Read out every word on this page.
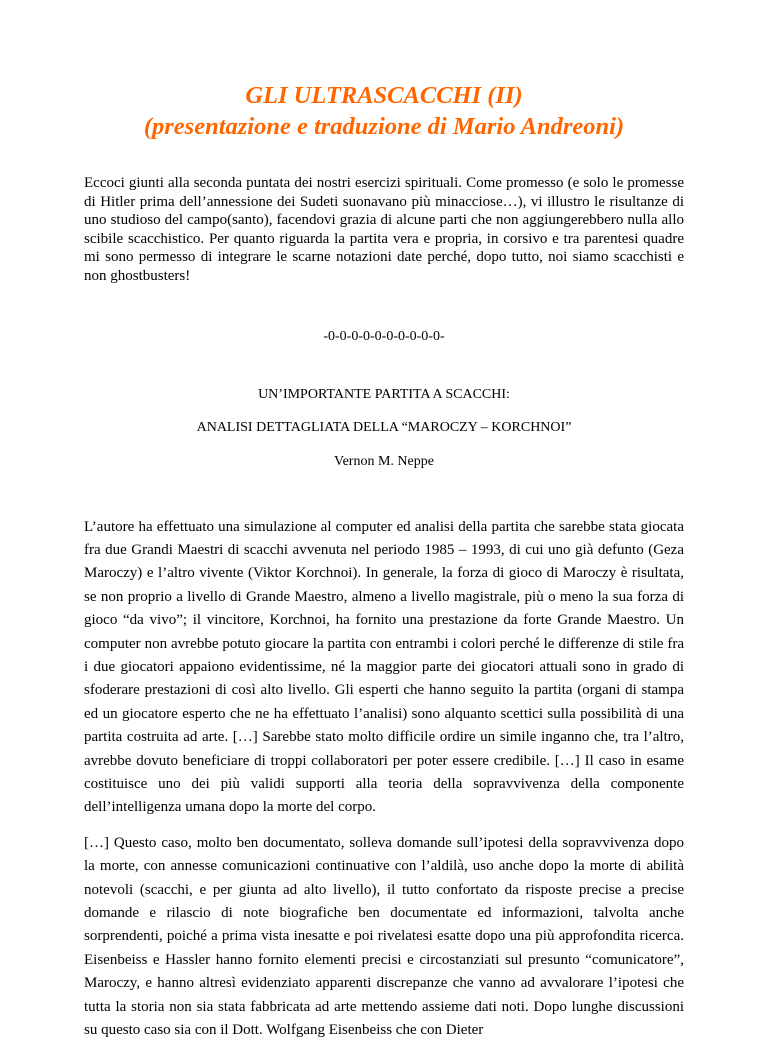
GLI ULTRASCACCHI (II)
(presentazione e traduzione di Mario Andreoni)

Eccoci giunti alla seconda puntata dei nostri esercizi spirituali. Come promesso (e solo le promesse di Hitler prima dell’annessione dei Sudeti suonavano più minacciose…), vi illustro le risultanze di uno studioso del campo(santo), facendovi grazia di alcune parti che non aggiungerebbero nulla allo scibile scacchistico. Per quanto riguarda la partita vera e propria, in corsivo e tra parentesi quadre mi sono permesso di integrare le scarne notazioni date perché, dopo tutto, noi siamo scacchisti e non ghostbusters!

-0-0-0-0-0-0-0-0-0-0-

UN’IMPORTANTE PARTITA A SCACCHI:

ANALISI DETTAGLIATA DELLA “MAROCZY – KORCHNOI”

Vernon M. Neppe

L’autore ha effettuato una simulazione al computer ed analisi della partita che sarebbe stata giocata fra due Grandi Maestri di scacchi avvenuta nel periodo 1985 – 1993, di cui uno già defunto (Geza Maroczy) e l’altro vivente (Viktor Korchnoi). In generale, la forza di gioco di Maroczy è risultata, se non proprio a livello di Grande Maestro, almeno a livello magistrale, più o meno la sua forza di gioco “da vivo”; il vincitore, Korchnoi, ha fornito una prestazione da forte Grande Maestro. Un computer non avrebbe potuto giocare la partita con entrambi i colori perché le differenze di stile fra i due giocatori appaiono evidentissime, né la maggior parte dei giocatori attuali sono in grado di sfoderare prestazioni di così alto livello. Gli esperti che hanno seguito la partita (organi di stampa ed un giocatore esperto che ne ha effettuato l’analisi) sono alquanto scettici sulla possibilità di una partita costruita ad arte. […] Sarebbe stato molto difficile ordire un simile inganno che, tra l’altro, avrebbe dovuto beneficiare di troppi collaboratori per poter essere credibile. […] Il caso in esame costituisce uno dei più validi supporti alla teoria della sopravvivenza della componente dell’intelligenza umana dopo la morte del corpo.

[…] Questo caso, molto ben documentato, solleva domande sull’ipotesi della sopravvivenza dopo la morte, con annesse comunicazioni continuative con l’aldilà, uso anche dopo la morte di abilità notevoli (scacchi, e per giunta ad alto livello), il tutto confortato da risposte precise a precise domande e rilascio di note biografiche ben documentate ed informazioni, talvolta anche sorprendenti, poiché a prima vista inesatte e poi rivelatesi esatte dopo una più approfondita ricerca. Eisenbeiss e Hassler hanno fornito elementi precisi e circostanziati sul presunto “comunicatore”, Maroczy, e hanno altresì evidenziato apparenti discrepanze che vanno ad avvalorare l’ipotesi che tutta la storia non sia stata fabbricata ad arte mettendo assieme dati noti. Dopo lunghe discussioni su questo caso sia con il Dott. Wolfgang Eisenbeiss che con Dieter
